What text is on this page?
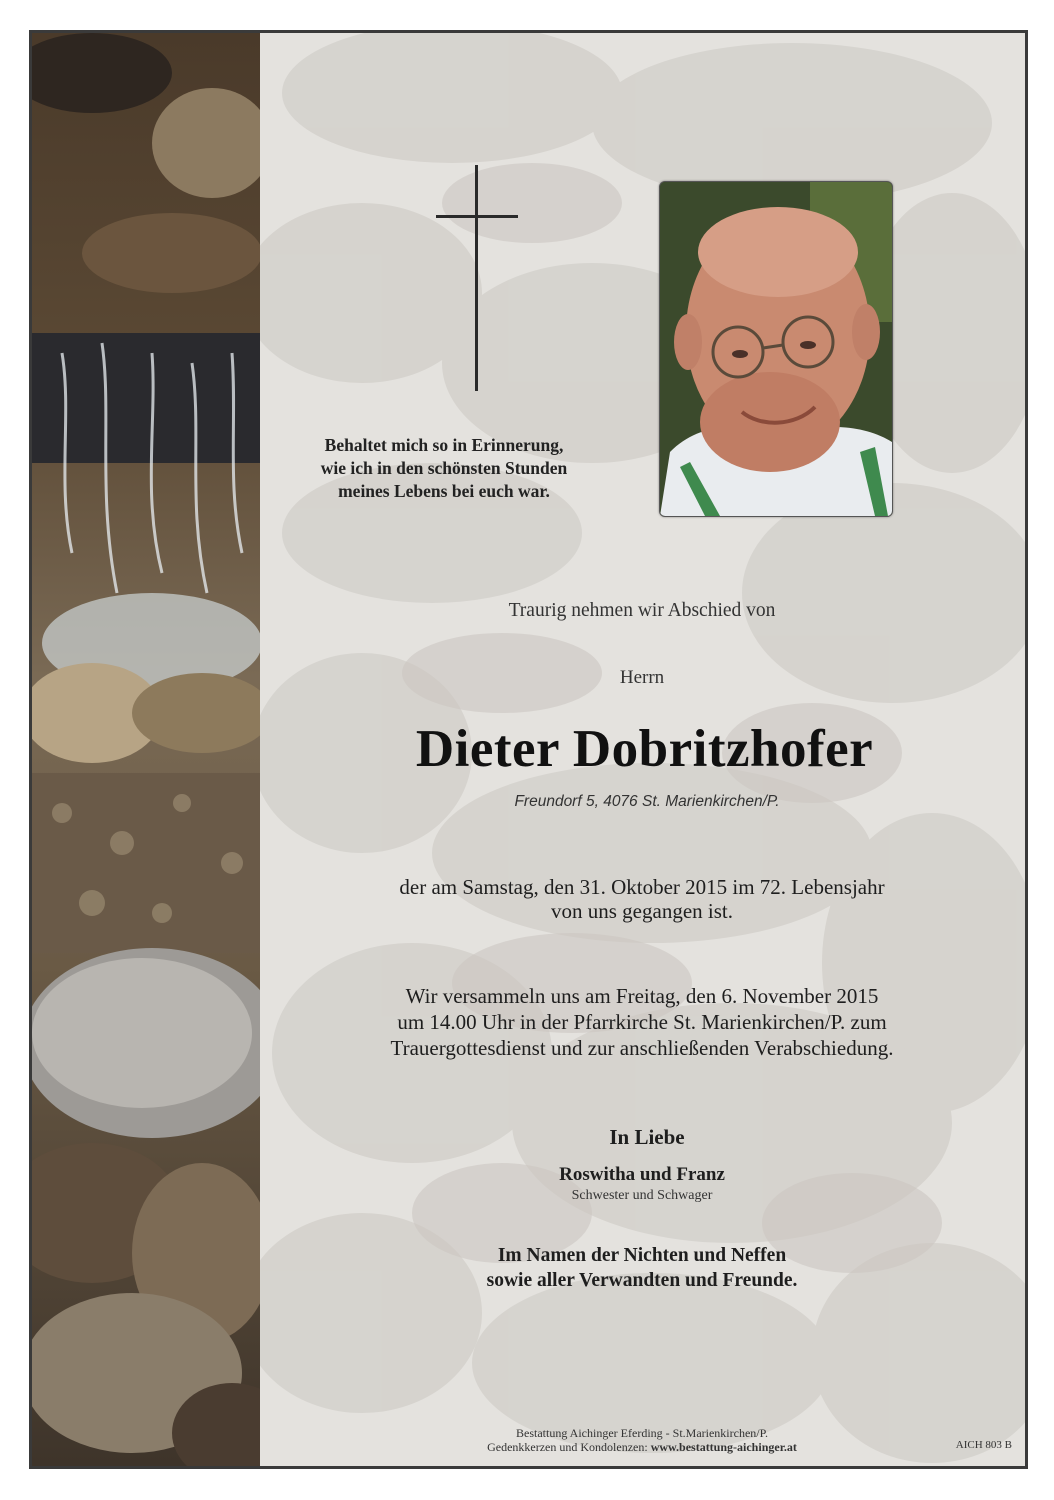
Behaltet mich so in Erinnerung,
wie ich in den schönsten Stunden
meines Lebens bei euch war.
Traurig nehmen wir Abschied von
Herrn
Dieter Dobritzhofer
Freundorf 5, 4076 St. Marienkirchen/P.
der am Samstag, den 31. Oktober 2015 im 72. Lebensjahr
von uns gegangen ist.
Wir versammeln uns am Freitag, den 6. November 2015
um 14.00 Uhr in der Pfarrkirche St. Marienkirchen/P. zum
Trauergottesdienst und zur anschließenden Verabschiedung.
In Liebe
Roswitha und Franz
Schwester und Schwager
Im Namen der Nichten und Neffen
sowie aller Verwandten und Freunde.
Bestattung Aichinger Eferding - St.Marienkirchen/P.
Gedenkkerzen und Kondolenzen: www.bestattung-aichinger.at	AICH 803 B
